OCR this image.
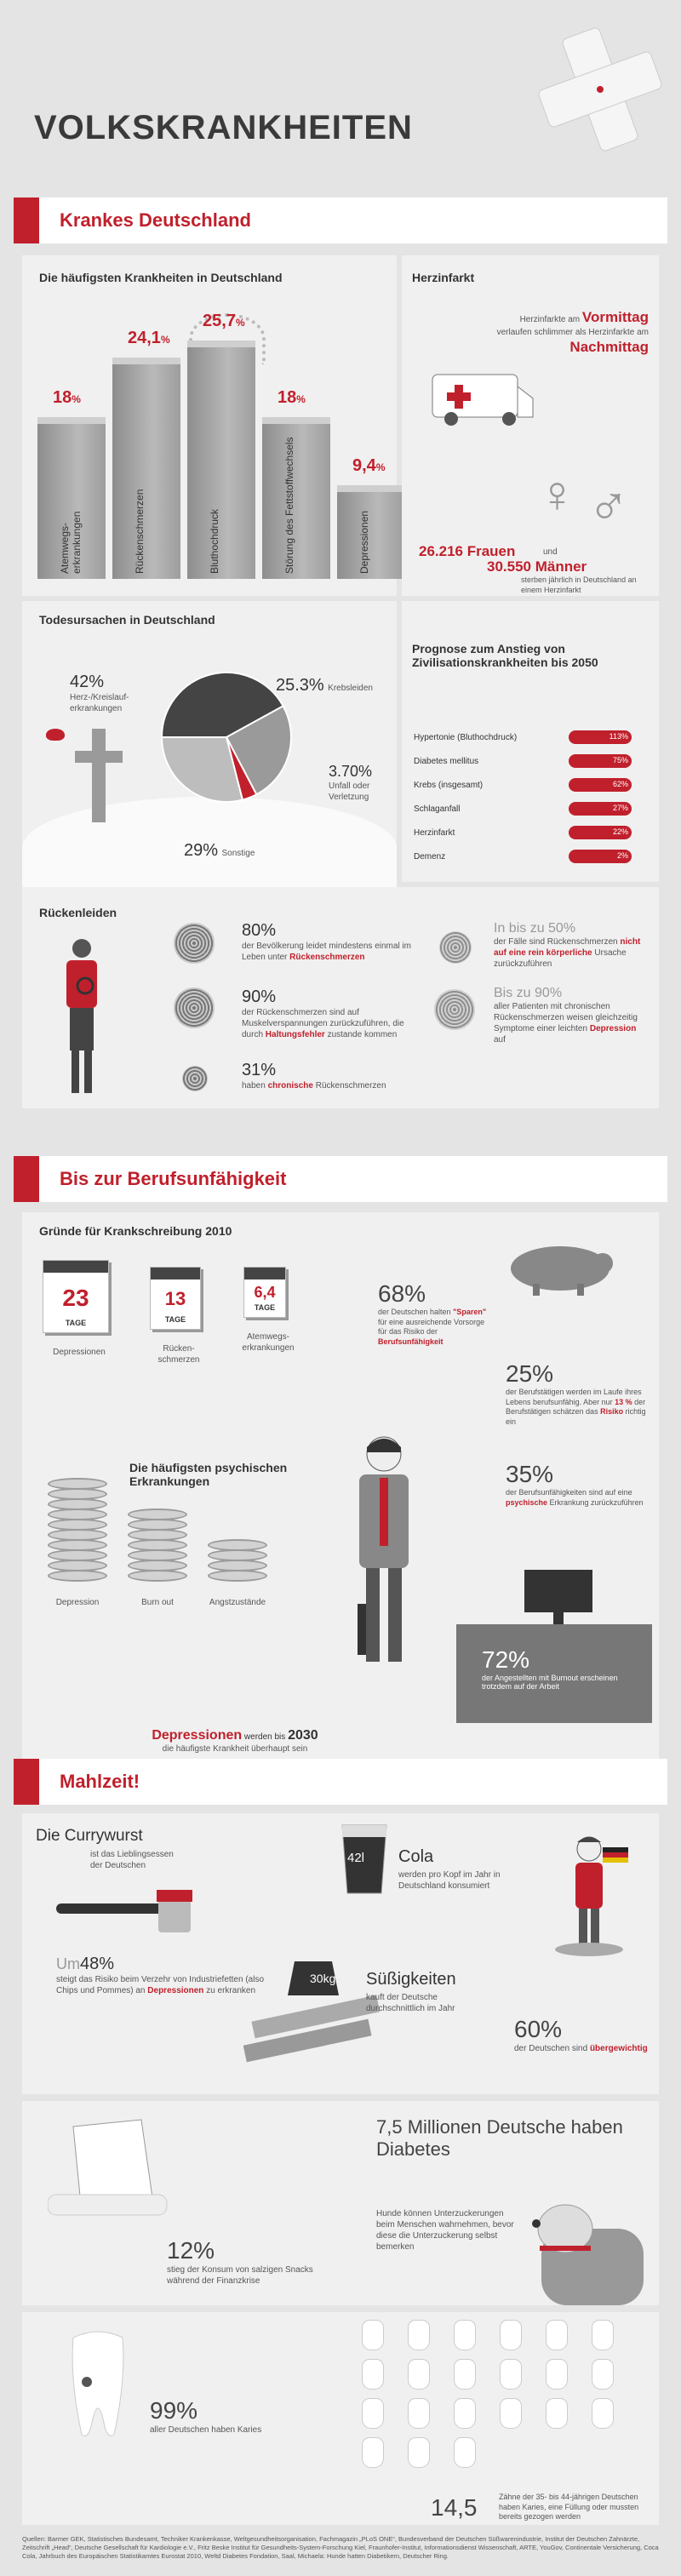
VOLKSKRANKHEITEN
Krankes Deutschland
Die häufigsten Krankheiten in Deutschland
Atemwegs-
erkrankungen
18%
Rückenschmerzen
24,1%
Bluthochdruck
25,7%
Störung des Fettstoffwechsels
18%
Depressionen
9,4%
Herzinfarkt
Herzinfarkte am Vormittag
verlaufen schlimmer als Herzinfarkte am
Nachmittag
♀ ♂
26.216 Frauen	und
30.550 Männer
sterben jährlich in Deutschland an einem Herzinfarkt
Todesursachen in Deutschland
42%
Herz-/Kreislauf-erkrankungen
25.3% Krebsleiden
3.70%
Unfall oder Verletzung
29% Sonstige
Prognose zum Anstieg von Zivilisationskrankheiten bis 2050
Hypertonie (Bluthochdruck)	113%
Diabetes mellitus	75%
Krebs (insgesamt)	62%
Schlaganfall	27%
Herzinfarkt	22%
Demenz	2%
Rückenleiden
80%
der Bevölkerung leidet mindestens einmal im Leben unter Rückenschmerzen
90%
der Rückenschmerzen sind auf Muskelverspannungen zurückzuführen, die durch Haltungsfehler zustande kommen
31%
haben chronische Rückenschmerzen
In bis zu 50%
der Fälle sind Rückenschmerzen nicht auf eine rein körperliche Ursache zurückzuführen
Bis zu 90%
aller Patienten mit chronischen Rückenschmerzen weisen gleichzeitig Symptome einer leichten Depression auf
Bis zur Berufsunfähigkeit
Gründe für Krankschreibung 2010
23
TAGE
Depressionen
13
TAGE
Rücken-
schmerzen
6,4
TAGE
Atemwegs-
erkrankungen
68%
der Deutschen halten "Sparen" für eine ausreichende Vorsorge für das Risiko der Berufsunfähigkeit
25%
der Berufstätigen werden im Laufe ihres Lebens berufsunfähig. Aber nur 13 % der Berufstätigen schätzen das Risiko richtig ein
35%
der Berufsunfähigkeiten sind auf eine psychische Erkrankung zurückzuführen
Die häufigsten psychischen Erkrankungen
Depression	Burn out	Angstzustände
72%
der Angestellten mit Burnout erscheinen trotzdem auf der Arbeit
Depressionen werden bis 2030
die häufigste Krankheit überhaupt sein
Mahlzeit!
Die Currywurst
ist das Lieblingsessen der Deutschen
42l Cola
werden pro Kopf im Jahr in Deutschland konsumiert
Um48%
steigt das Risiko beim Verzehr von Industriefetten (also Chips und Pommes) an Depressionen zu erkranken
30kg Süßigkeiten
kauft der Deutsche durchschnittlich im Jahr
60%
der Deutschen sind übergewichtig
12%
stieg der Konsum von salzigen Snacks während der Finanzkrise
7,5 Millionen Deutsche haben Diabetes
Hunde können Unterzuckerungen beim Menschen wahrnehmen, bevor diese die Unterzuckerung selbst bemerken
99%
aller Deutschen haben Karies
14,5	Zähne der 35- bis 44-jährigen Deutschen haben Karies, eine Füllung oder mussten bereits gezogen werden
Quellen: Barmer GEK, Statistisches Bundesamt, Techniker Krankenkasse, Weltgesundheitsorganisation, Fachmagazin „PLoS ONE“, Bundesverband der Deutschen Süßwarenindustrie, Institut der Deutschen Zahnärzte, Zeitschrift „Head“, Deutsche Gesellschaft für Kardiologie e.V., Fritz Beske Institut für Gesundheits-System-Forschung Kiel, Fraunhofer-Institut, Informationsdienst Wissenschaft, ARTE, YouGov, Continentale Versicherung, Coca Cola, Jahrbuch des Europäischen Statistikamtes Eurostat 2010, Weltd Diabetes Fondation, Saal, Michaela: Hunde hatten Diabetikern, Deutscher Ring.
